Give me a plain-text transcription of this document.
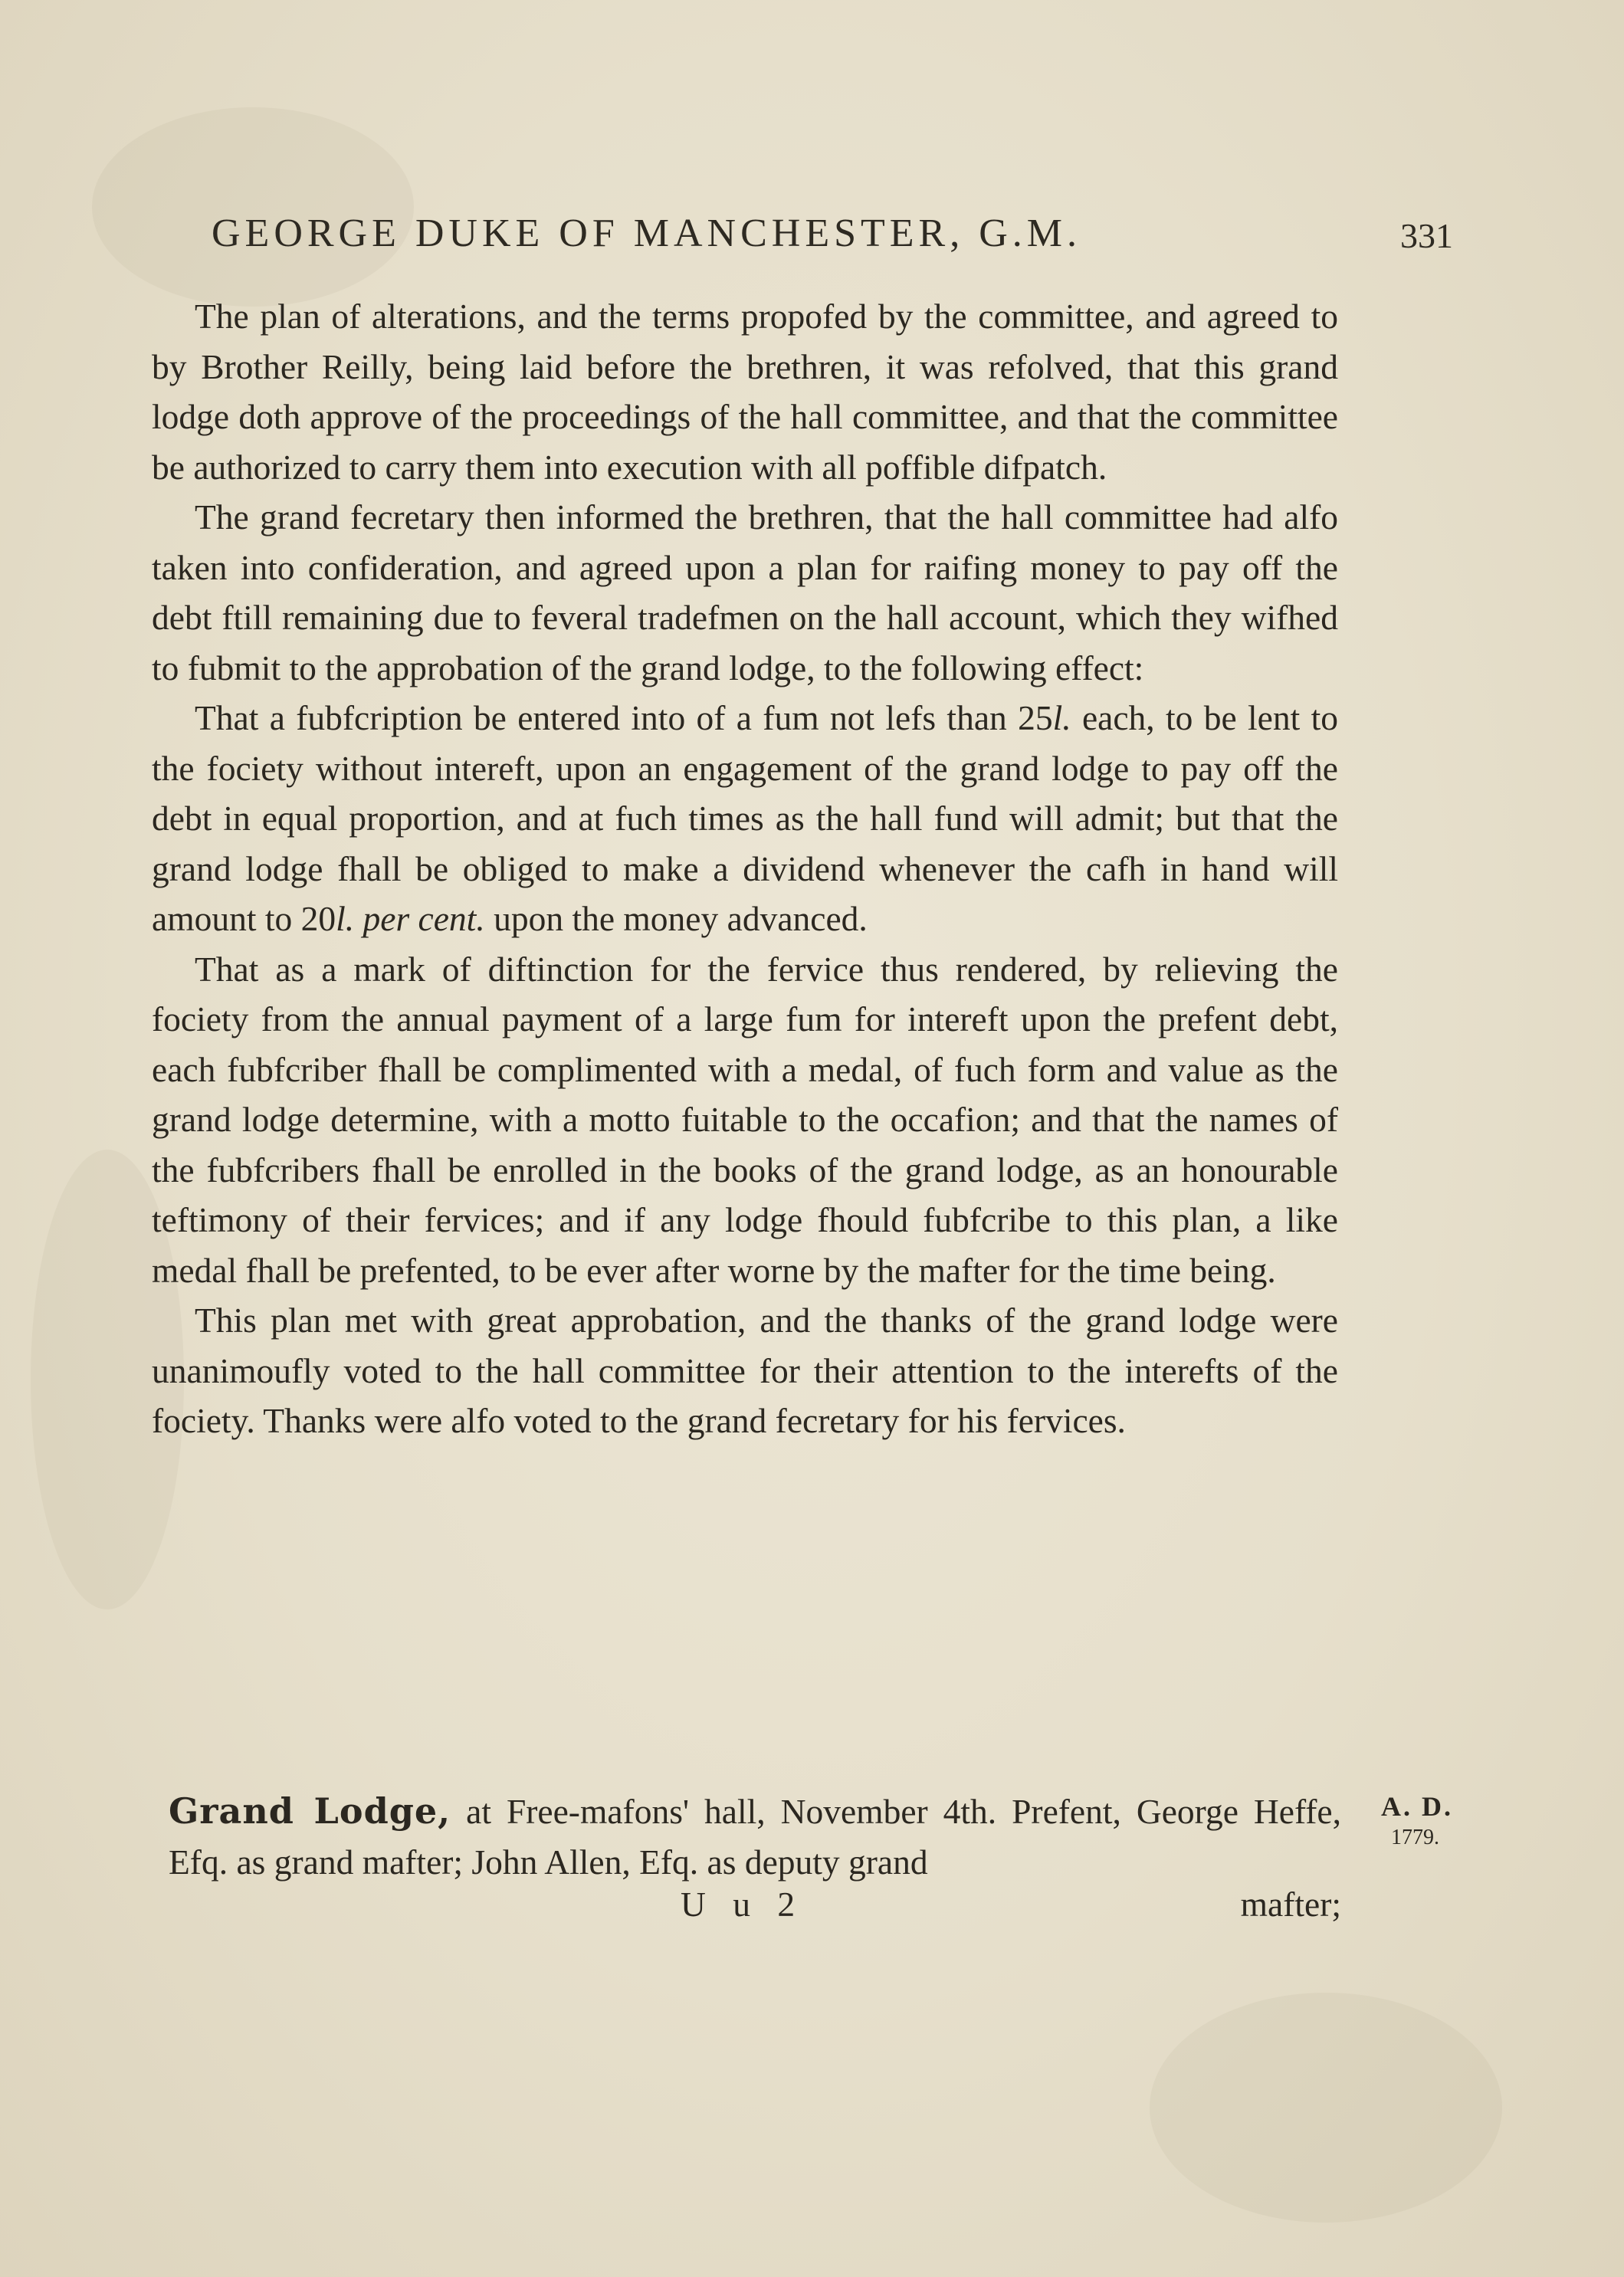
GEORGE DUKE OF MANCHESTER, G.M.	331

The plan of alterations, and the terms propofed by the committee, and agreed to by Brother Reilly, being laid before the brethren, it was refolved, that this grand lodge doth approve of the proceedings of the hall committee, and that the committee be authorized to carry them into execution with all poffible difpatch.

The grand fecretary then informed the brethren, that the hall committee had alfo taken into confideration, and agreed upon a plan for raifing money to pay off the debt ftill remaining due to feveral tradefmen on the hall account, which they wifhed to fubmit to the approbation of the grand lodge, to the following effect:

That a fubfcription be entered into of a fum not lefs than 25l. each, to be lent to the fociety without intereft, upon an engagement of the grand lodge to pay off the debt in equal proportion, and at fuch times as the hall fund will admit; but that the grand lodge fhall be obliged to make a dividend whenever the cafh in hand will amount to 20l. per cent. upon the money advanced.

That as a mark of diftinction for the fervice thus rendered, by relieving the fociety from the annual payment of a large fum for intereft upon the prefent debt, each fubfcriber fhall be complimented with a medal, of fuch form and value as the grand lodge determine, with a motto fuitable to the occafion; and that the names of the fubfcribers fhall be enrolled in the books of the grand lodge, as an honourable teftimony of their fervices; and if any lodge fhould fubfcribe to this plan, a like medal fhall be prefented, to be ever after worne by the mafter for the time being.

This plan met with great approbation, and the thanks of the grand lodge were unanimoufly voted to the hall committee for their attention to the interefts of the fociety. Thanks were alfo voted to the grand fecretary for his fervices.

Grand Lodge, at Free-mafons' hall, November 4th. Prefent, George Heffe, Efq. as grand mafter; John Allen, Efq. as deputy grand
A. D.
1779.
U u 2	mafter;
